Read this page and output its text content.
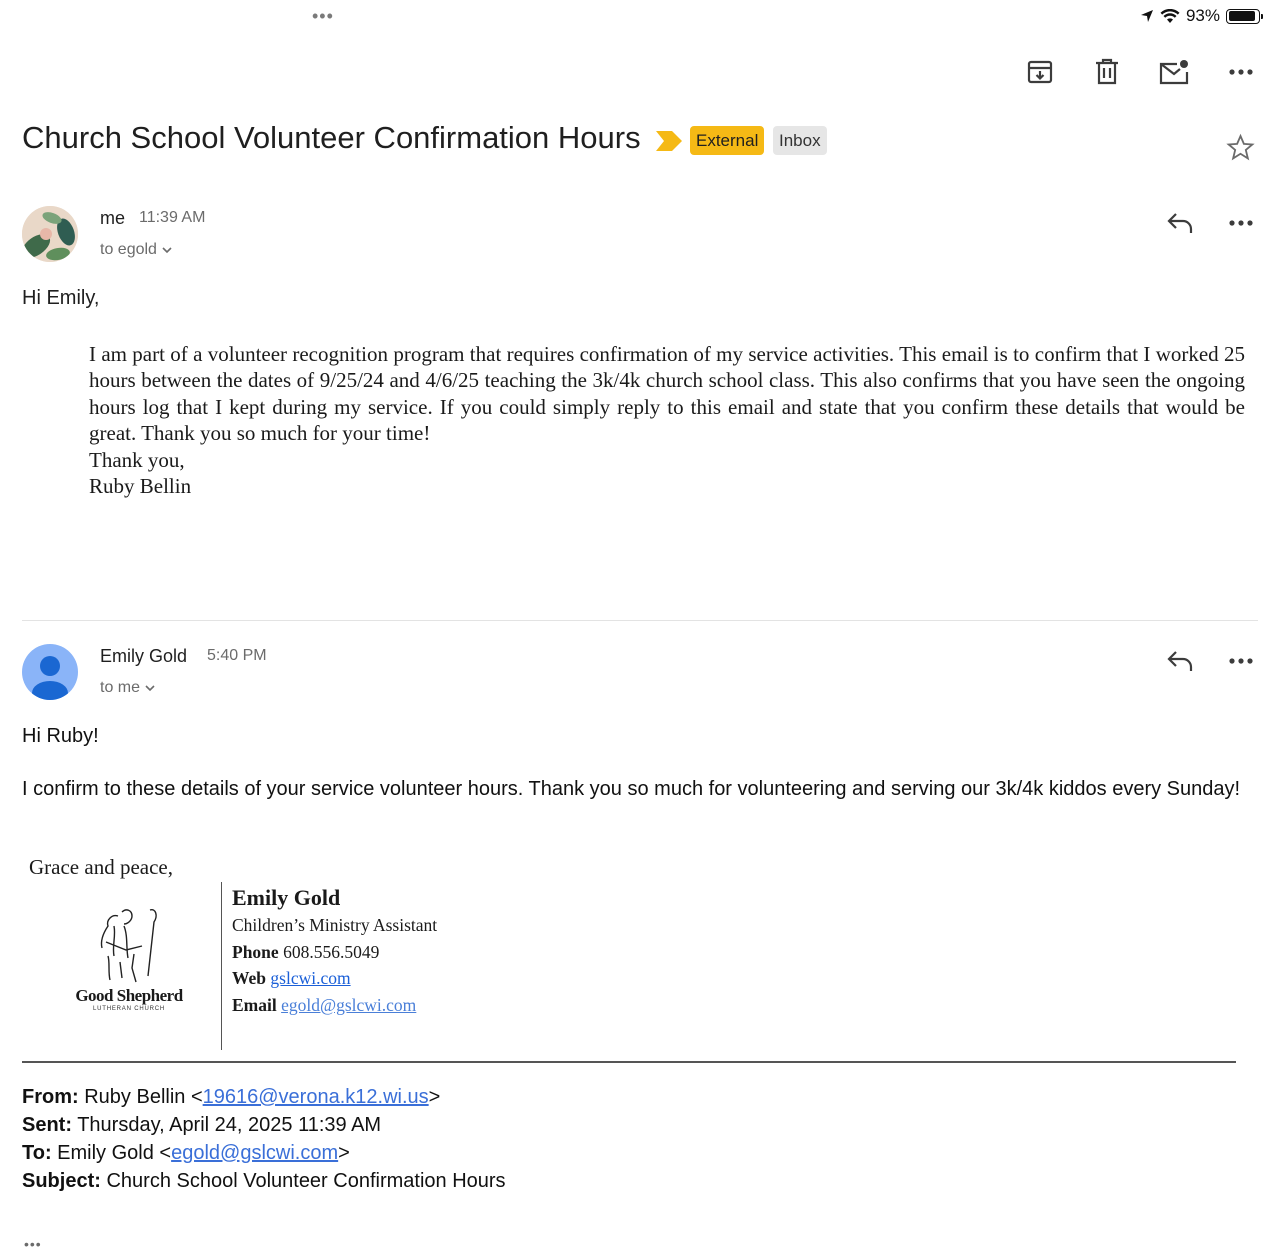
•••	93%
Church School Volunteer Confirmation Hours	External	Inbox
me 11:39 AM
to egold
Hi Emily,

I am part of a volunteer recognition program that requires confirmation of my service activities. This email is to confirm that I worked 25 hours between the dates of 9/25/24 and 4/6/25 teaching the 3k/4k church school class. This also confirms that you have seen the ongoing hours log that I kept during my service. If you could simply reply to this email and state that you confirm these details that would be great. Thank you so much for your time!

Thank you,

Ruby Bellin

Emily Gold 5:40 PM
to me
Hi Ruby!
I confirm to these details of your service volunteer hours. Thank you so much for volunteering and serving our 3k/4k kiddos every Sunday!
Grace and peace,
Good Shepherd
LUTHERAN CHURCH
Emily Gold
Children’s Ministry Assistant
Phone 608.556.5049
Web gslcwi.com
Email egold@gslcwi.com
From: Ruby Bellin <19616@verona.k12.wi.us>
Sent: Thursday, April 24, 2025 11:39 AM
To: Emily Gold <egold@gslcwi.com>
Subject: Church School Volunteer Confirmation Hours
•••
